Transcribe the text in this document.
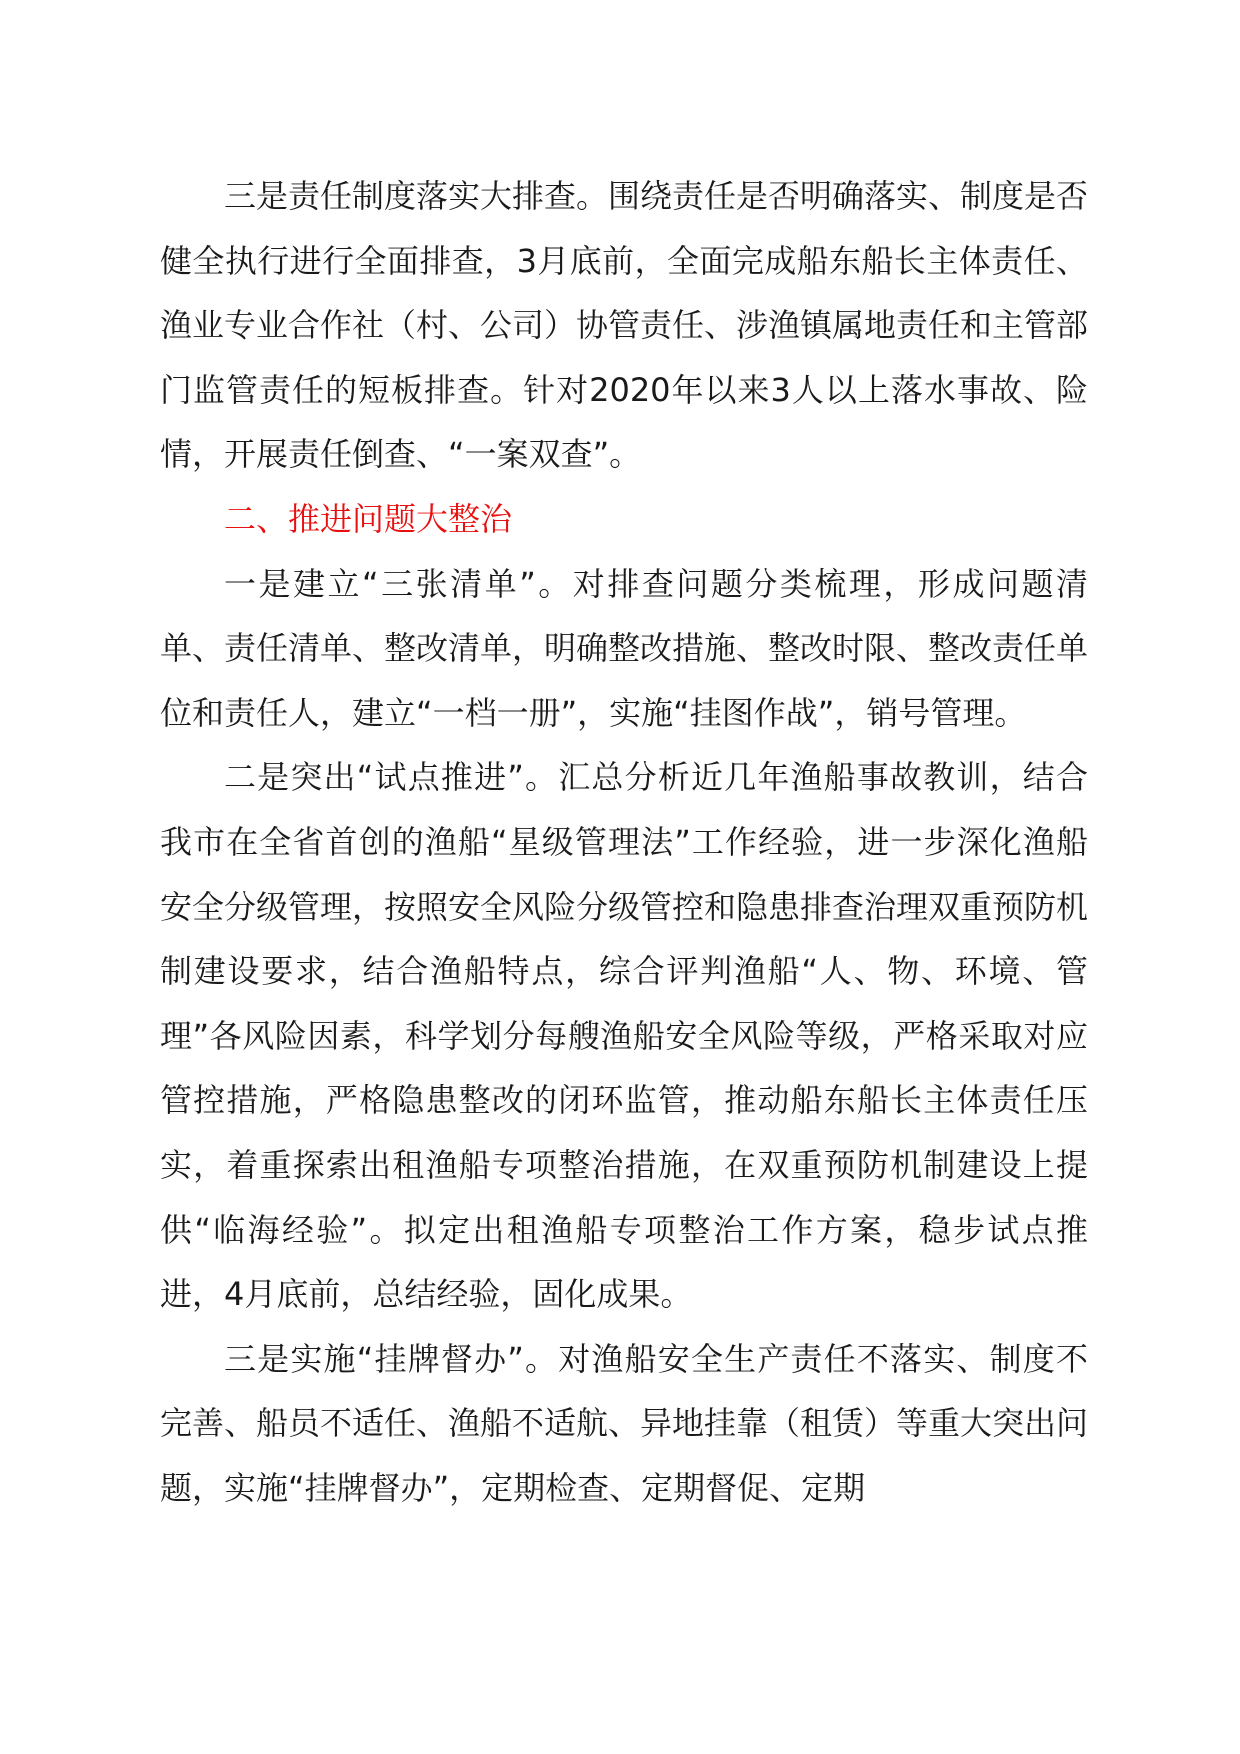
三是责任制度落实大排查。围绕责任是否明确落实、制度是否健全执行进行全面排查，3月底前，全面完成船东船长主体责任、渔业专业合作社（村、公司）协管责任、涉渔镇属地责任和主管部门监管责任的短板排查。针对2020年以来3人以上落水事故、险情，开展责任倒查、“一案双查”。

二、推进问题大整治

一是建立“三张清单”。对排查问题分类梳理，形成问题清单、责任清单、整改清单，明确整改措施、整改时限、整改责任单位和责任人，建立“一档一册”，实施“挂图作战”，销号管理。

二是突出“试点推进”。汇总分析近几年渔船事故教训，结合我市在全省首创的渔船“星级管理法”工作经验，进一步深化渔船安全分级管理，按照安全风险分级管控和隐患排查治理双重预防机制建设要求，结合渔船特点，综合评判渔船“人、物、环境、管理”各风险因素，科学划分每艘渔船安全风险等级，严格采取对应管控措施，严格隐患整改的闭环监管，推动船东船长主体责任压实，着重探索出租渔船专项整治措施，在双重预防机制建设上提供“临海经验”。拟定出租渔船专项整治工作方案，稳步试点推进，4月底前，总结经验，固化成果。

三是实施“挂牌督办”。对渔船安全生产责任不落实、制度不完善、船员不适任、渔船不适航、异地挂靠（租赁）等重大突出问题，实施“挂牌督办”，定期检查、定期督促、定期
